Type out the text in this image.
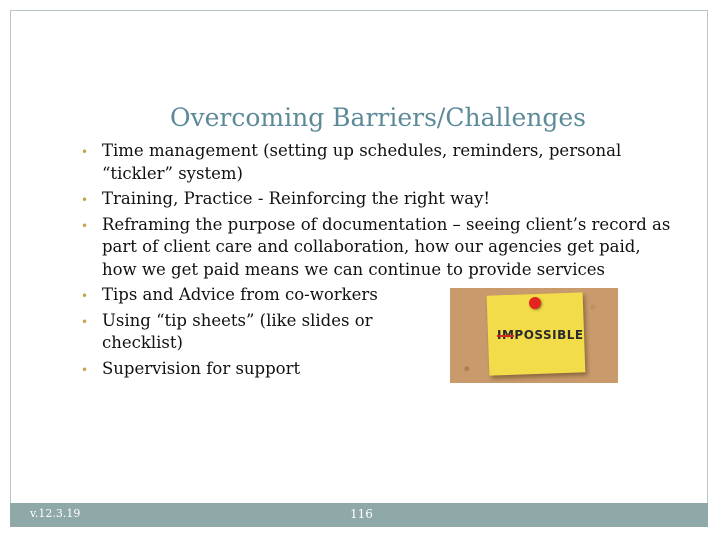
Overcoming Barriers/Challenges
• Time management (setting up schedules, reminders, personal “tickler” system)
• Training, Practice - Reinforcing the right way!
• Reframing the purpose of documentation – seeing client’s record as part of client care and collaboration, how our agencies get paid, how we get paid means we can continue to provide services
• Tips and Advice from co-workers
• Using “tip sheets” (like slides or checklist)
• Supervision for support
IMPOSSIBLE
v.12.3.19	116
